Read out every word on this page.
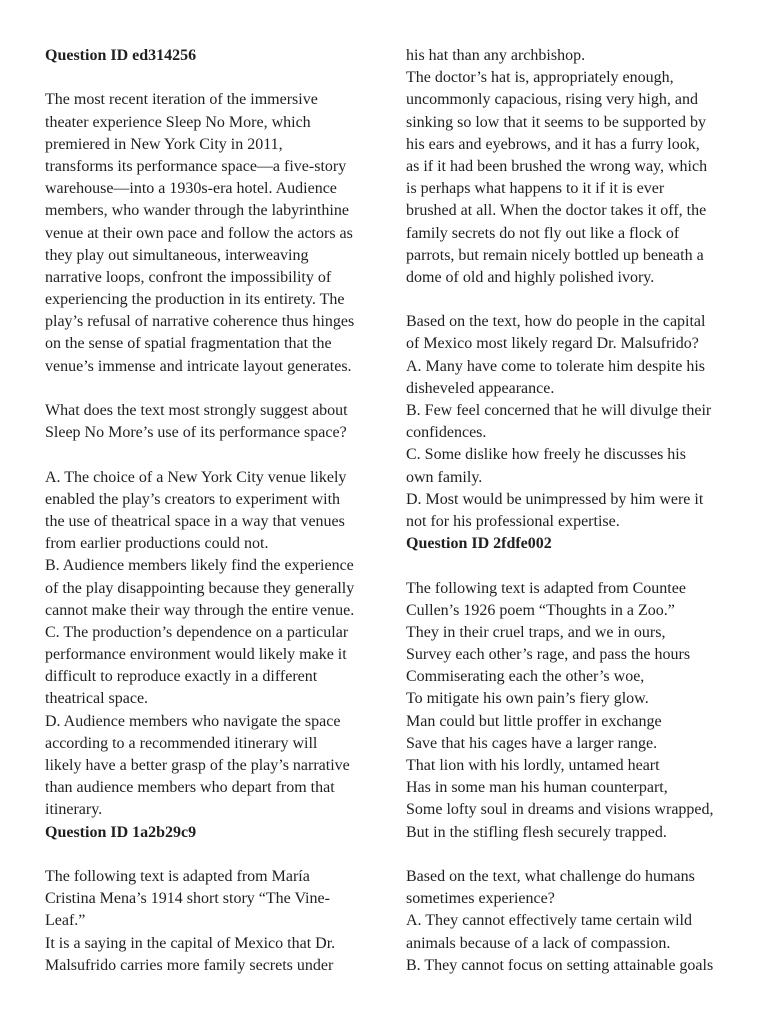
Question ID ed314256
The most recent iteration of the immersive
theater experience Sleep No More, which
premiered in New York City in 2011,
transforms its performance space—a five-story
warehouse—into a 1930s-era hotel. Audience
members, who wander through the labyrinthine
venue at their own pace and follow the actors as
they play out simultaneous, interweaving
narrative loops, confront the impossibility of
experiencing the production in its entirety. The
play’s refusal of narrative coherence thus hinges
on the sense of spatial fragmentation that the
venue’s immense and intricate layout generates.
What does the text most strongly suggest about
Sleep No More’s use of its performance space?
A. The choice of a New York City venue likely
enabled the play’s creators to experiment with
the use of theatrical space in a way that venues
from earlier productions could not.
B. Audience members likely find the experience
of the play disappointing because they generally
cannot make their way through the entire venue.
C. The production’s dependence on a particular
performance environment would likely make it
difficult to reproduce exactly in a different
theatrical space.
D. Audience members who navigate the space
according to a recommended itinerary will
likely have a better grasp of the play’s narrative
than audience members who depart from that
itinerary.
Question ID 1a2b29c9
The following text is adapted from María
Cristina Mena’s 1914 short story “The Vine-
Leaf.”
It is a saying in the capital of Mexico that Dr.
Malsufrido carries more family secrets under
his hat than any archbishop.
The doctor’s hat is, appropriately enough,
uncommonly capacious, rising very high, and
sinking so low that it seems to be supported by
his ears and eyebrows, and it has a furry look,
as if it had been brushed the wrong way, which
is perhaps what happens to it if it is ever
brushed at all. When the doctor takes it off, the
family secrets do not fly out like a flock of
parrots, but remain nicely bottled up beneath a
dome of old and highly polished ivory.
Based on the text, how do people in the capital
of Mexico most likely regard Dr. Malsufrido?
A. Many have come to tolerate him despite his
disheveled appearance.
B. Few feel concerned that he will divulge their
confidences.
C. Some dislike how freely he discusses his
own family.
D. Most would be unimpressed by him were it
not for his professional expertise.
Question ID 2fdfe002
The following text is adapted from Countee
Cullen’s 1926 poem “Thoughts in a Zoo.”
They in their cruel traps, and we in ours,
Survey each other’s rage, and pass the hours
Commiserating each the other’s woe,
To mitigate his own pain’s fiery glow.
Man could but little proffer in exchange
Save that his cages have a larger range.
That lion with his lordly, untamed heart
Has in some man his human counterpart,
Some lofty soul in dreams and visions wrapped,
But in the stifling flesh securely trapped.
Based on the text, what challenge do humans
sometimes experience?
A. They cannot effectively tame certain wild
animals because of a lack of compassion.
B. They cannot focus on setting attainable goals
